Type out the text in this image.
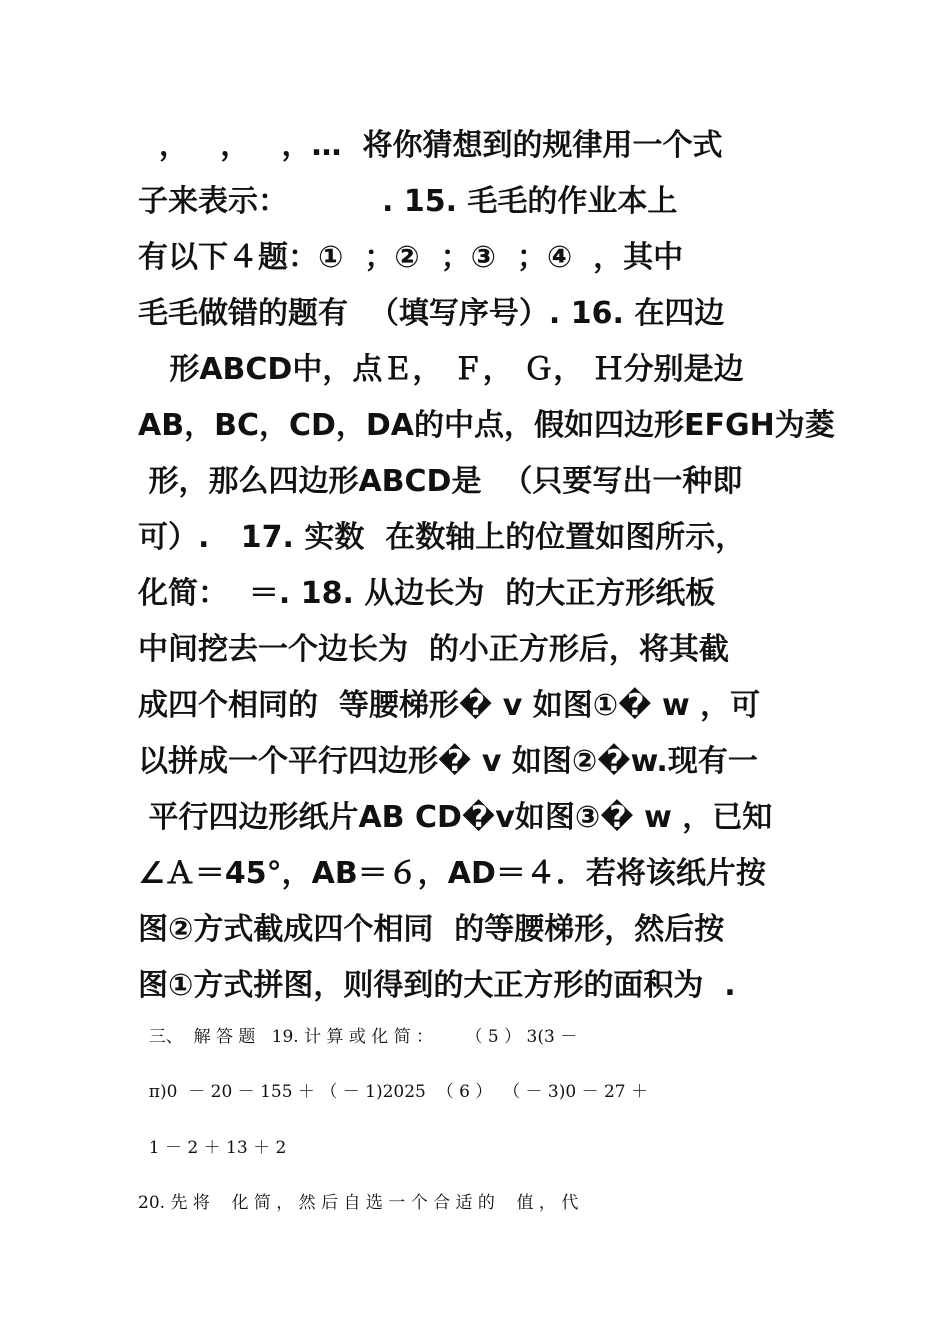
，   ，   ，…  将你猜想到的规律用一个式
子来表示：         . 15. 毛毛的作业本上
有以下４题：①  ；②  ；③  ；④  ，其中
毛毛做错的题有  （填写序号）. 16. 在四边
形ABCD中，点Ｅ， Ｆ， Ｇ， Ｈ分别是边
AB，BC，CD，DA的中点，假如四边形EFGH为菱
形，那么四边形ABCD是  （只要写出一种即
可）.   17. 实数  在数轴上的位置如图所示，
化简：  ＝. 18. 从边长为  的大正方形纸板
中间挖去一个边长为  的小正方形后，将其截
成四个相同的  等腰梯形� v 如图①� w ，可
以拼成一个平行四边形� v 如图②�w.现有一
平行四边形纸片AB CD�v如图③� w ，已知
∠Ａ＝45°，AB＝６，AD＝４．若将该纸片按
图②方式截成四个相同  的等腰梯形，然后按
图①方式拼图，则得到的大正方形的面积为  .
三、  解 答 题   19. 计 算 或 化 简 ：      （ 5 ） 3(3 －
π)0  － 20 － 155 ＋ （ － 1)2025  （ 6 ）  （ － 3)0 － 27 ＋
1 － 2 ＋ 13 ＋ 2
20. 先 将    化 简 ， 然 后 自 选 一 个 合 适 的    值 ， 代
